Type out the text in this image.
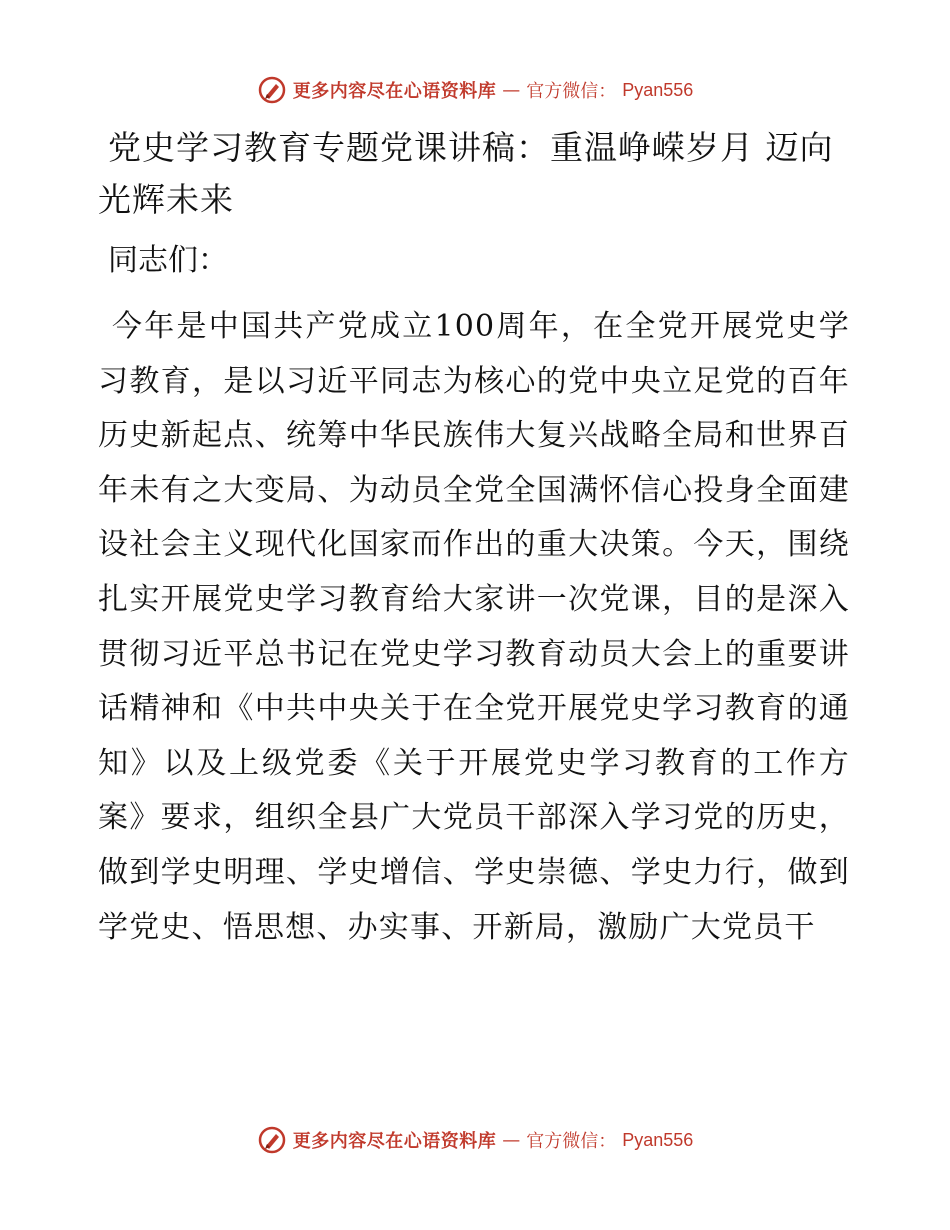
更多内容尽在心语资料库 — 官方微信： Pyan556
党史学习教育专题党课讲稿：重温峥嵘岁月 迈向光辉未来

同志们：

今年是中国共产党成立100周年，在全党开展党史学习教育，是以习近平同志为核心的党中央立足党的百年历史新起点、统筹中华民族伟大复兴战略全局和世界百年未有之大变局、为动员全党全国满怀信心投身全面建设社会主义现代化国家而作出的重大决策。今天，围绕扎实开展党史学习教育给大家讲一次党课，目的是深入贯彻习近平总书记在党史学习教育动员大会上的重要讲话精神和《中共中央关于在全党开展党史学习教育的通知》以及上级党委《关于开展党史学习教育的工作方案》要求，组织全县广大党员干部深入学习党的历史，做到学史明理、学史增信、学史崇德、学史力行，做到学党史、悟思想、办实事、开新局，激励广大党员干

更多内容尽在心语资料库 — 官方微信： Pyan556
